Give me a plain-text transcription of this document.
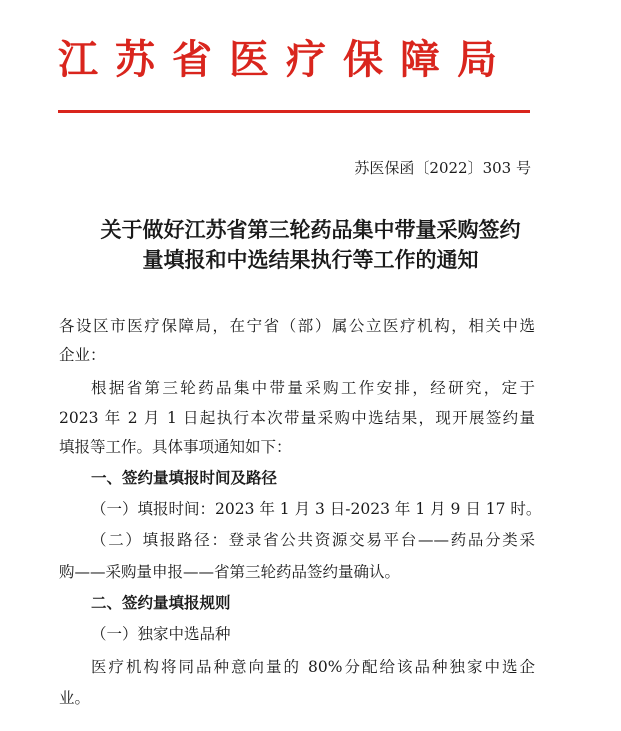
江苏省医疗保障局
苏医保函〔2022〕303 号
关于做好江苏省第三轮药品集中带量采购签约
量填报和中选结果执行等工作的通知
各设区市医疗保障局，在宁省（部）属公立医疗机构，相关中选
企业：
根据省第三轮药品集中带量采购工作安排，经研究，定于
2023 年 2 月 1 日起执行本次带量采购中选结果，现开展签约量
填报等工作。具体事项通知如下：
一、签约量填报时间及路径
（一）填报时间：2023 年 1 月 3 日-2023 年 1 月 9 日 17 时。
（二）填报路径：登录省公共资源交易平台——药品分类采
购——采购量申报——省第三轮药品签约量确认。
二、签约量填报规则
（一）独家中选品种
医疗机构将同品种意向量的 80%分配给该品种独家中选企
业。
